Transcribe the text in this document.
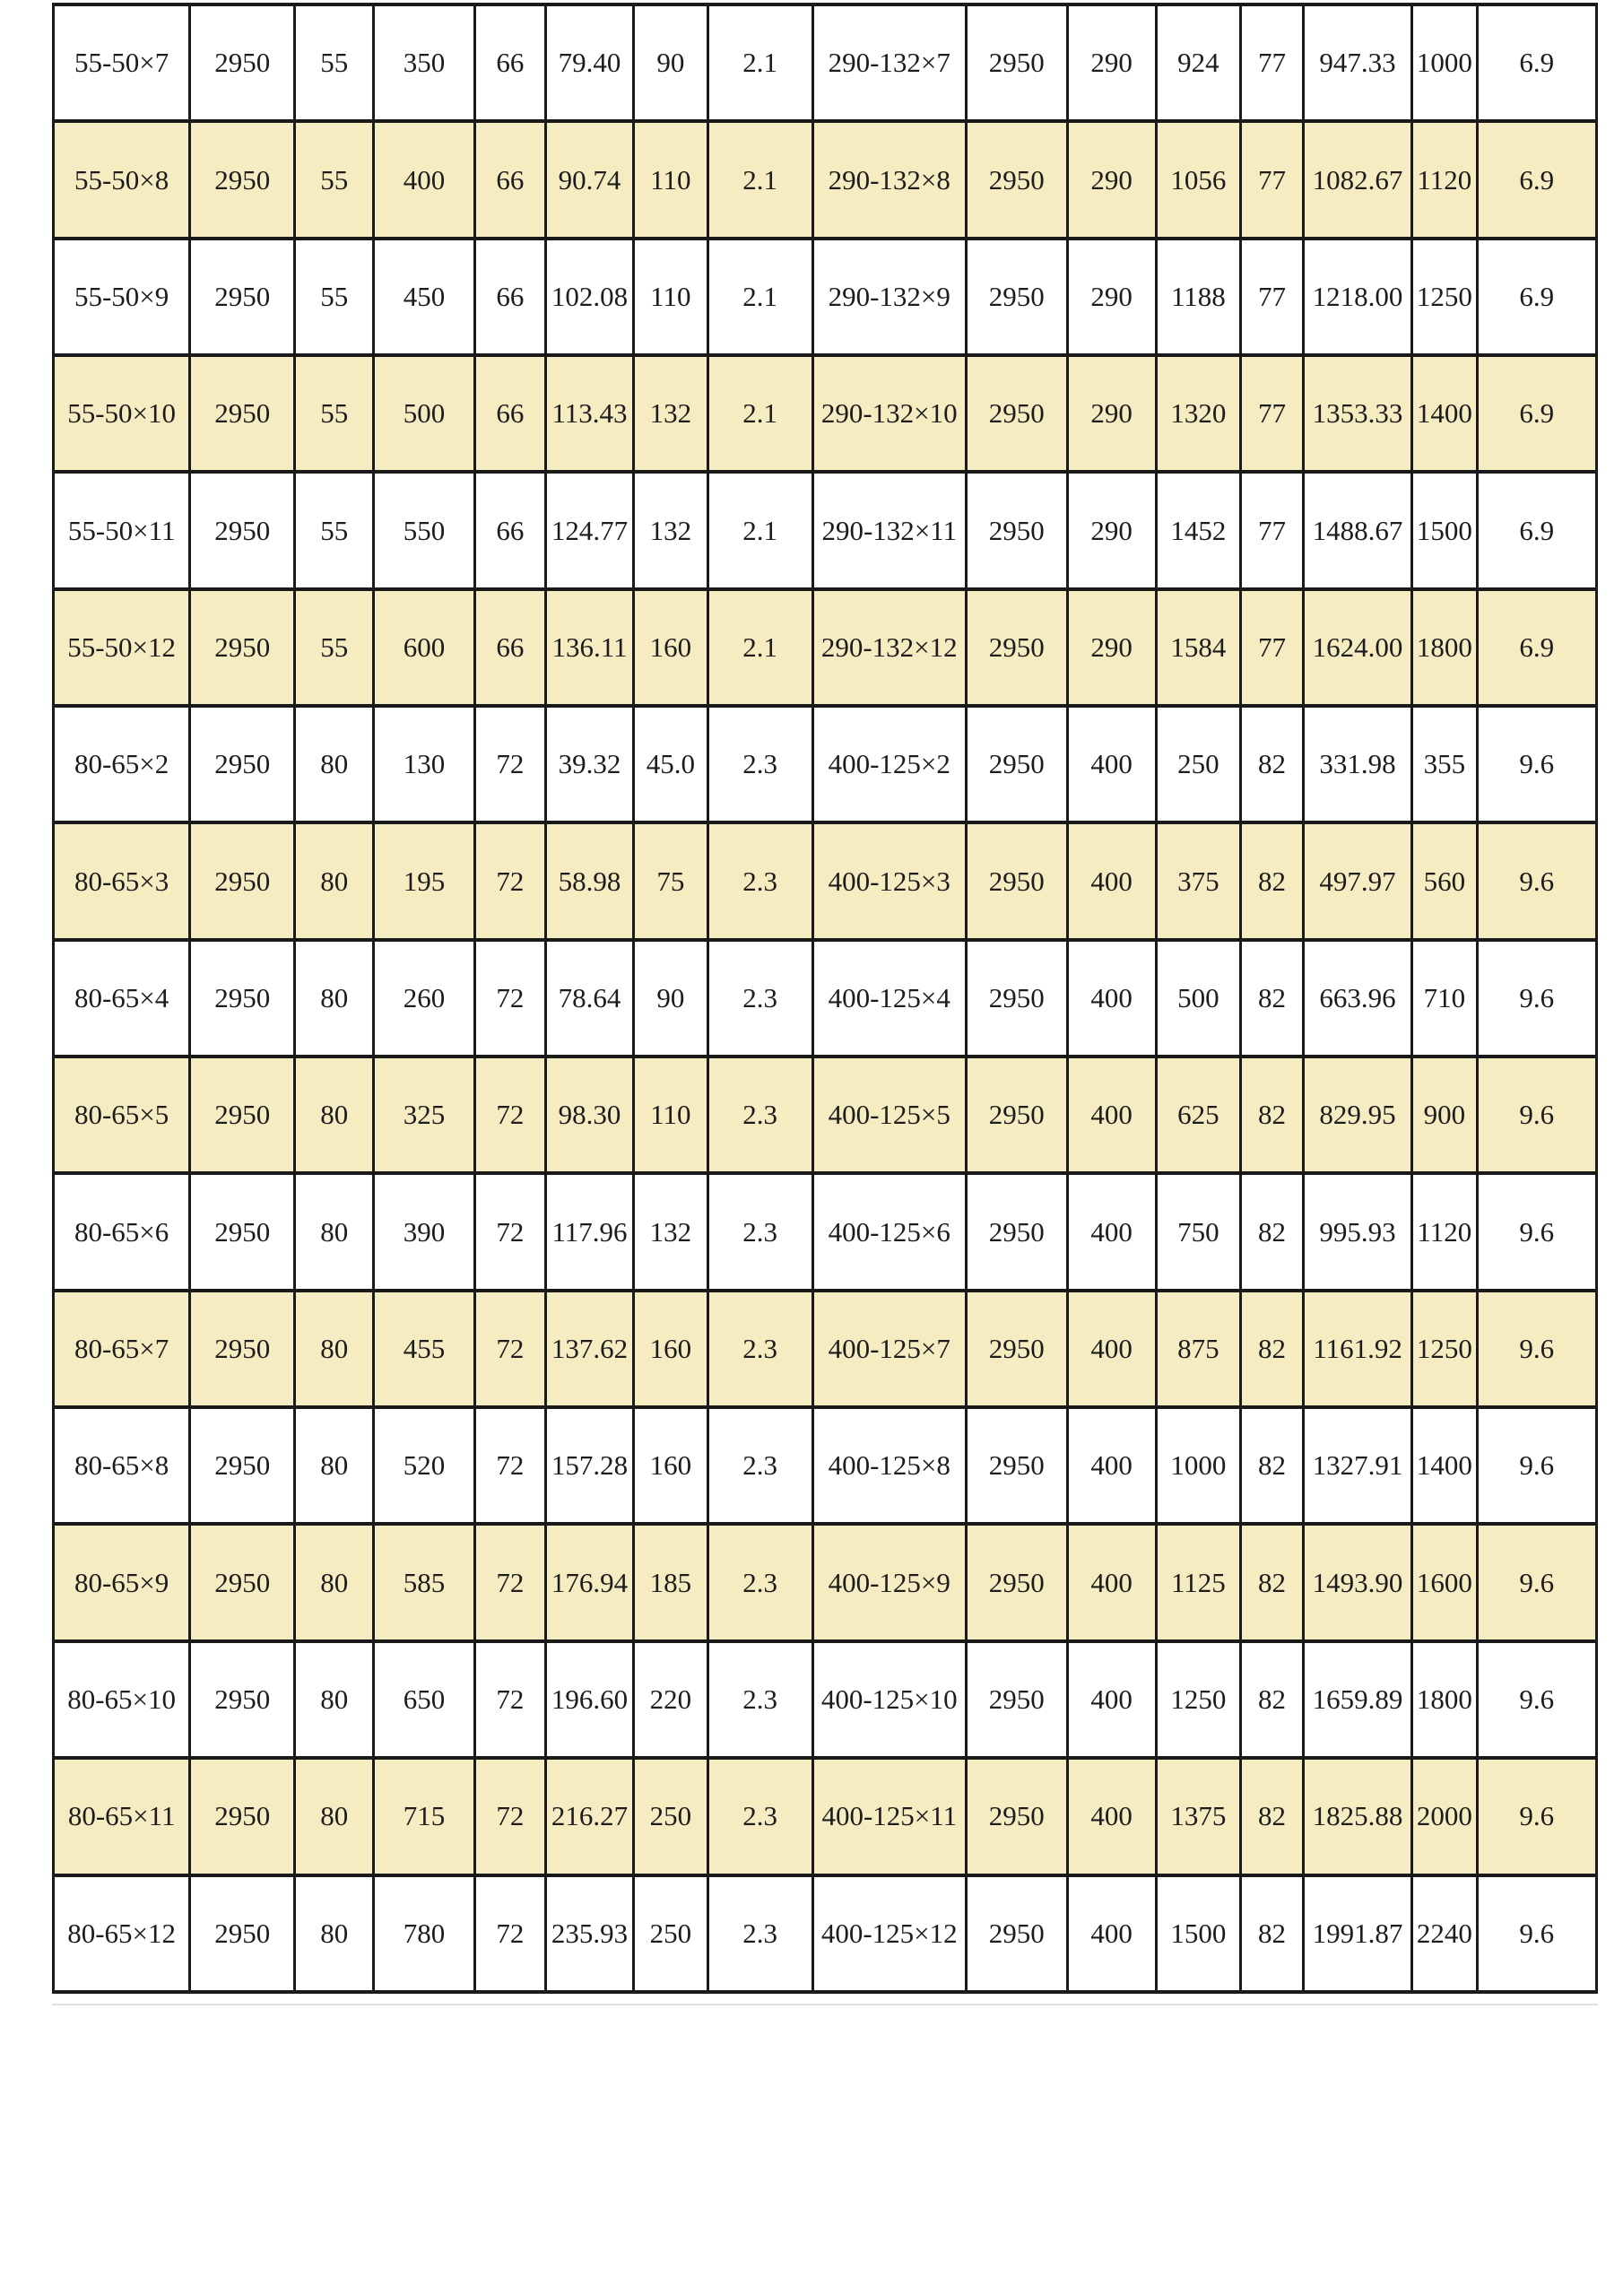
55-50×7	2950	55	350	66	79.40	90	2.1	290-132×7	2950	290	924	77	947.33	1000	6.9
55-50×8	2950	55	400	66	90.74	110	2.1	290-132×8	2950	290	1056	77	1082.67	1120	6.9
55-50×9	2950	55	450	66	102.08	110	2.1	290-132×9	2950	290	1188	77	1218.00	1250	6.9
55-50×10	2950	55	500	66	113.43	132	2.1	290-132×10	2950	290	1320	77	1353.33	1400	6.9
55-50×11	2950	55	550	66	124.77	132	2.1	290-132×11	2950	290	1452	77	1488.67	1500	6.9
55-50×12	2950	55	600	66	136.11	160	2.1	290-132×12	2950	290	1584	77	1624.00	1800	6.9
80-65×2	2950	80	130	72	39.32	45.0	2.3	400-125×2	2950	400	250	82	331.98	355	9.6
80-65×3	2950	80	195	72	58.98	75	2.3	400-125×3	2950	400	375	82	497.97	560	9.6
80-65×4	2950	80	260	72	78.64	90	2.3	400-125×4	2950	400	500	82	663.96	710	9.6
80-65×5	2950	80	325	72	98.30	110	2.3	400-125×5	2950	400	625	82	829.95	900	9.6
80-65×6	2950	80	390	72	117.96	132	2.3	400-125×6	2950	400	750	82	995.93	1120	9.6
80-65×7	2950	80	455	72	137.62	160	2.3	400-125×7	2950	400	875	82	1161.92	1250	9.6
80-65×8	2950	80	520	72	157.28	160	2.3	400-125×8	2950	400	1000	82	1327.91	1400	9.6
80-65×9	2950	80	585	72	176.94	185	2.3	400-125×9	2950	400	1125	82	1493.90	1600	9.6
80-65×10	2950	80	650	72	196.60	220	2.3	400-125×10	2950	400	1250	82	1659.89	1800	9.6
80-65×11	2950	80	715	72	216.27	250	2.3	400-125×11	2950	400	1375	82	1825.88	2000	9.6
80-65×12	2950	80	780	72	235.93	250	2.3	400-125×12	2950	400	1500	82	1991.87	2240	9.6
